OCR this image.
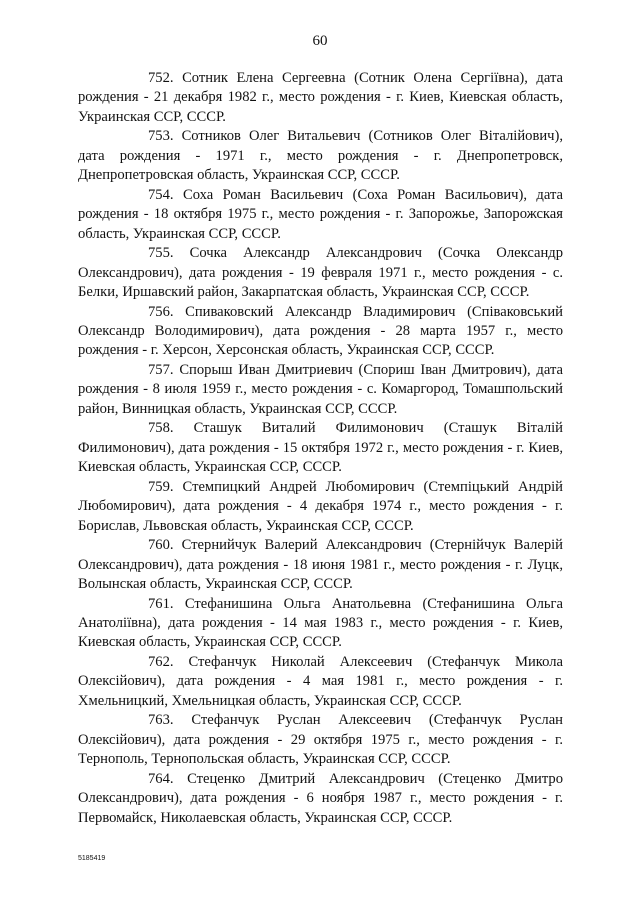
60

752. Сотник Елена Сергеевна (Сотник Олена Сергіївна), дата рождения - 21 декабря 1982 г., место рождения - г. Киев, Киевская область, Украинская ССР, СССР.

753. Сотников Олег Витальевич (Сотников Олег Віталійович), дата рождения - 1971 г., место рождения - г. Днепропетровск, Днепропетровская область, Украинская ССР, СССР.

754. Соха Роман Васильевич (Соха Роман Васильович), дата рождения - 18 октября 1975 г., место рождения - г. Запорожье, Запорожская область, Украинская ССР, СССР.

755. Сочка Александр Александрович (Сочка Олександр Олександрович), дата рождения - 19 февраля 1971 г., место рождения - с. Белки, Иршавский район, Закарпатская область, Украинская ССР, СССР.

756. Спиваковский Александр Владимирович (Співаковський Олександр Володимирович), дата рождения - 28 марта 1957 г., место рождения - г. Херсон, Херсонская область, Украинская ССР, СССР.

757. Спорыш Иван Дмитриевич (Спориш Іван Дмитрович), дата рождения - 8 июля 1959 г., место рождения - с. Комаргород, Томашпольский район, Винницкая область, Украинская ССР, СССР.

758. Сташук Виталий Филимонович (Сташук Віталій Филимонович), дата рождения - 15 октября 1972 г., место рождения - г. Киев, Киевская область, Украинская ССР, СССР.

759. Стемпицкий Андрей Любомирович (Стемпіцький Андрій Любомирович), дата рождения - 4 декабря 1974 г., место рождения - г. Борислав, Львовская область, Украинская ССР, СССР.

760. Стернийчук Валерий Александрович (Стернійчук Валерій Олександрович), дата рождения - 18 июня 1981 г., место рождения - г. Луцк, Волынская область, Украинская ССР, СССР.

761. Стефанишина Ольга Анатольевна (Стефанишина Ольга Анатоліївна), дата рождения - 14 мая 1983 г., место рождения - г. Киев, Киевская область, Украинская ССР, СССР.

762. Стефанчук Николай Алексеевич (Стефанчук Микола Олексійович), дата рождения - 4 мая 1981 г., место рождения - г. Хмельницкий, Хмельницкая область, Украинская ССР, СССР.

763. Стефанчук Руслан Алексеевич (Стефанчук Руслан Олексійович), дата рождения - 29 октября 1975 г., место рождения - г. Тернополь, Тернопольская область, Украинская ССР, СССР.

764. Стеценко Дмитрий Александрович (Стеценко Дмитро Олександрович), дата рождения - 6 ноября 1987 г., место рождения - г. Первомайск, Николаевская область, Украинская ССР, СССР.

5185419
